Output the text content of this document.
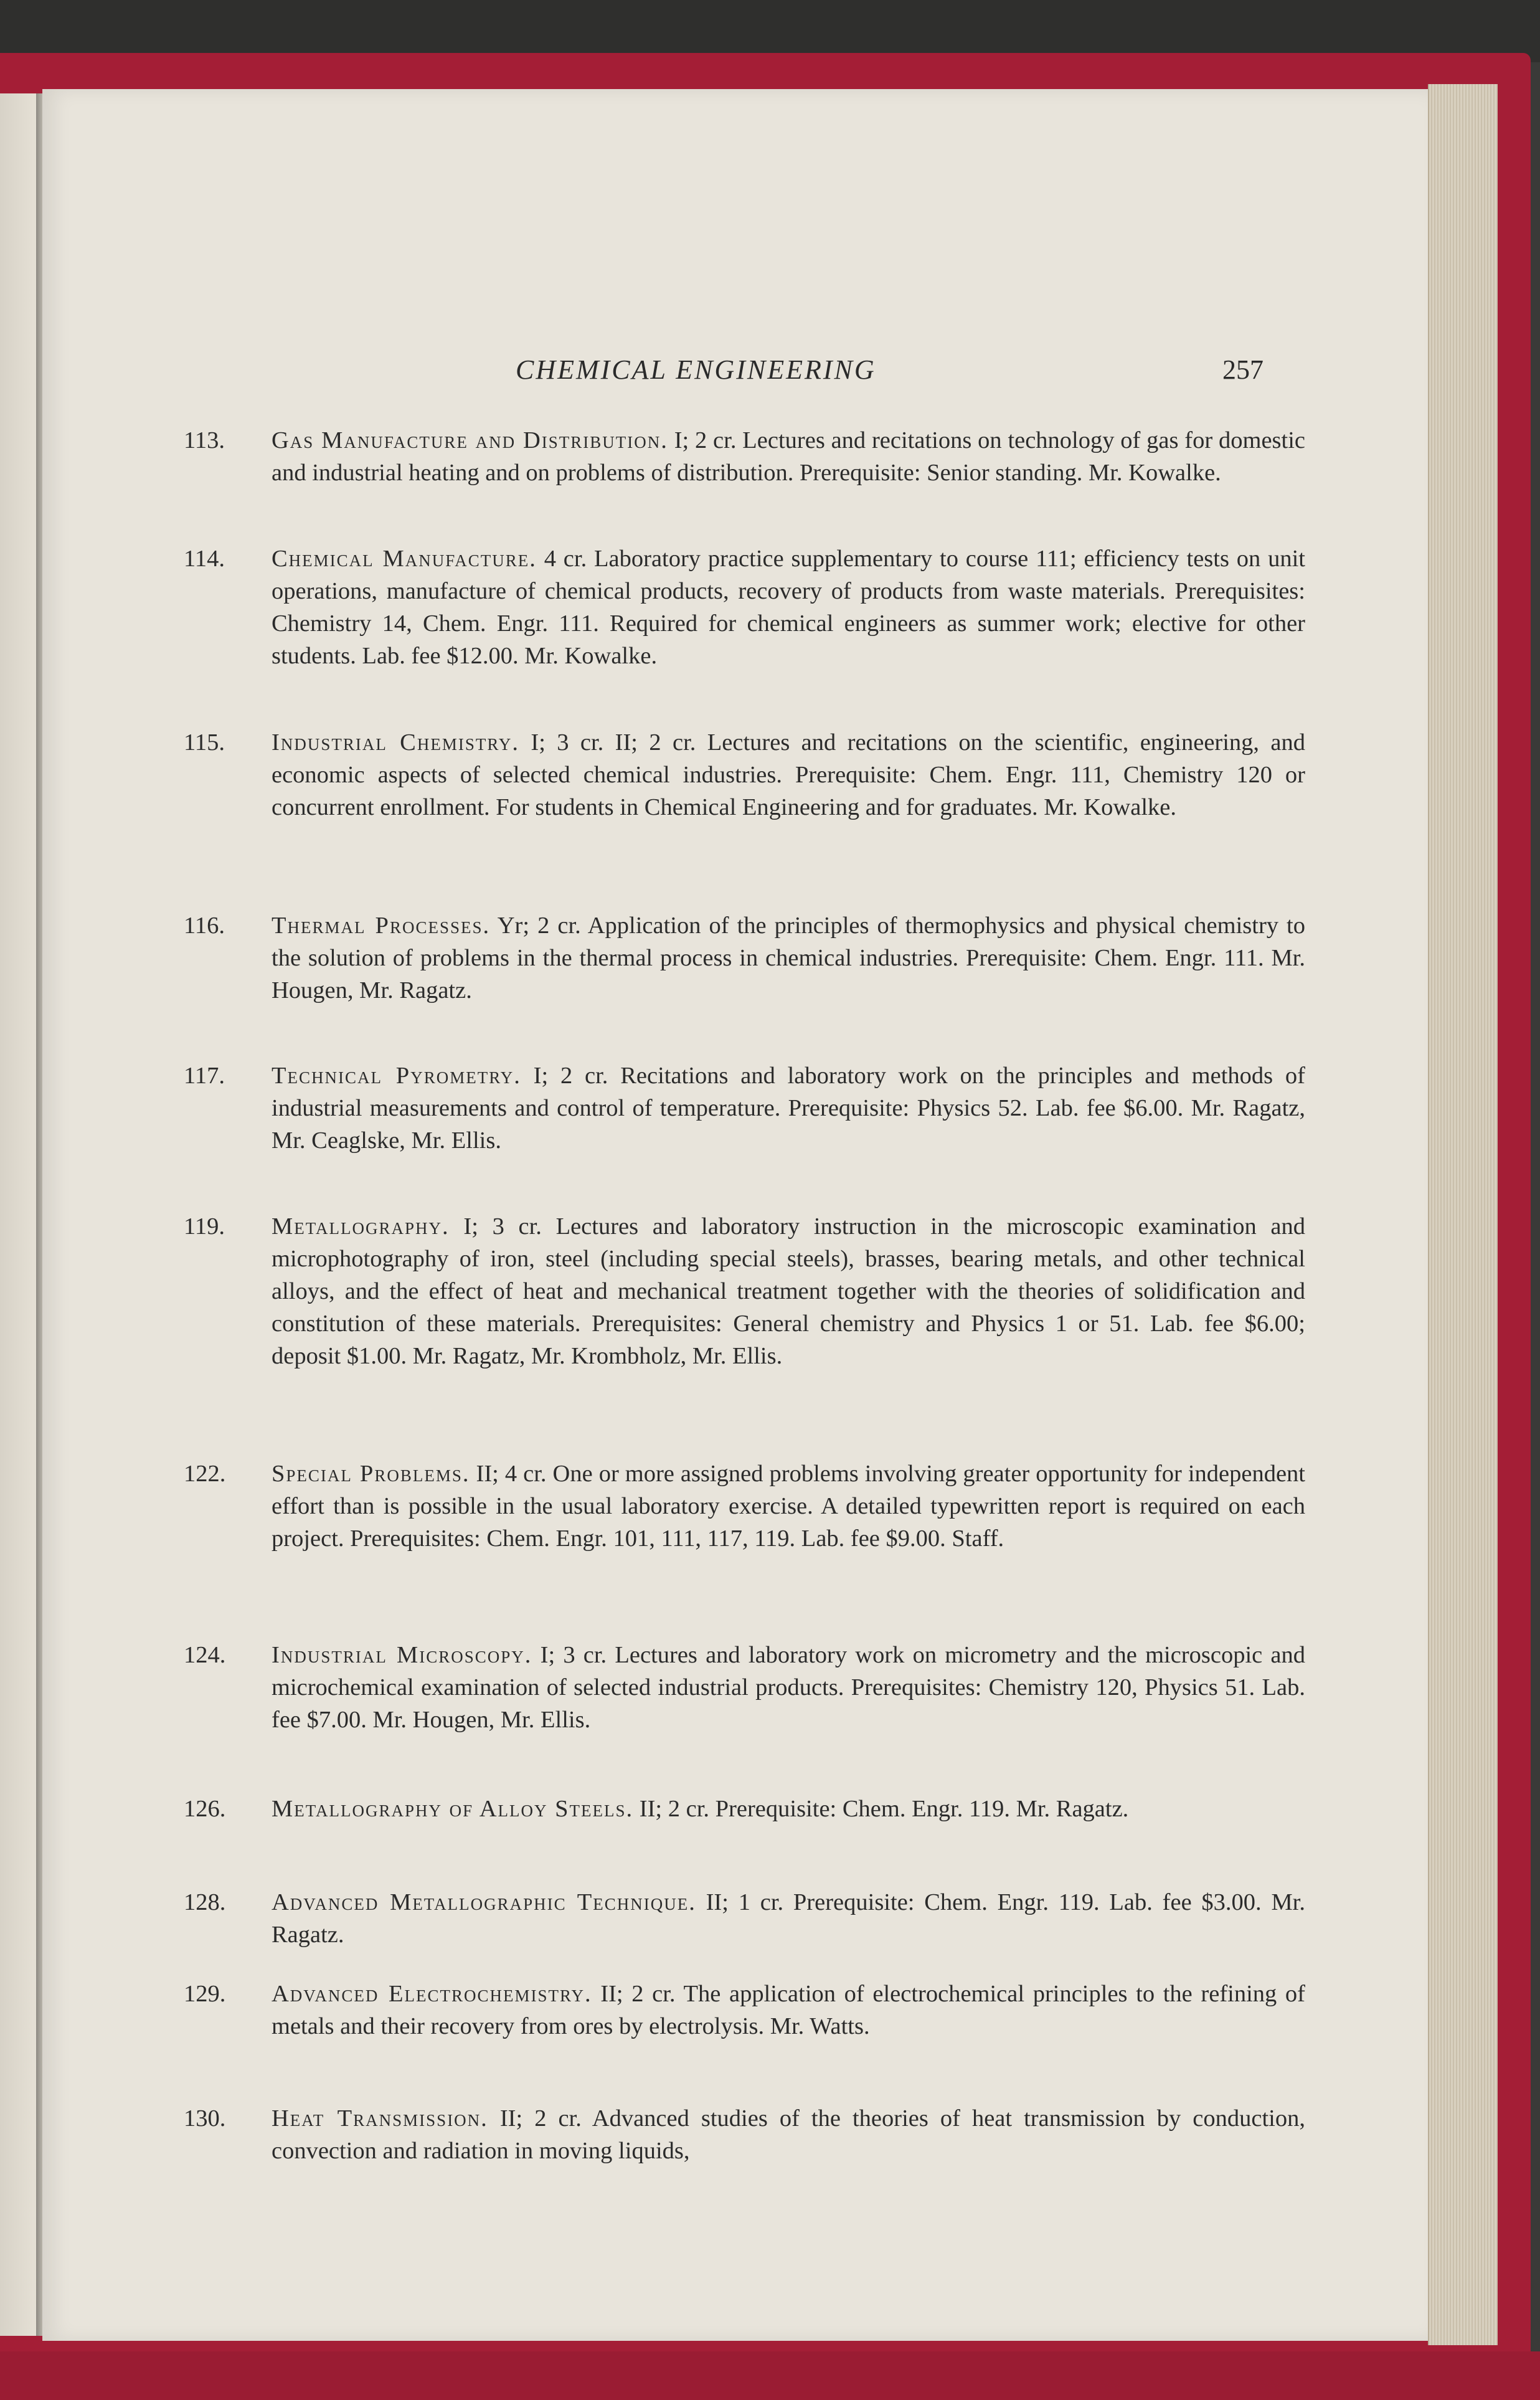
CHEMICAL ENGINEERING	257
113.	Gas Manufacture and Distribution. I; 2 cr. Lectures and recitations on technology of gas for domestic and industrial heating and on problems of distribution. Prerequisite: Senior standing. Mr. Kowalke.
114.	Chemical Manufacture. 4 cr. Laboratory practice supplementary to course 111; efficiency tests on unit operations, manufacture of chemical products, recovery of products from waste materials. Prerequisites: Chemistry 14, Chem. Engr. 111. Required for chemical engineers as summer work; elective for other students. Lab. fee $12.00. Mr. Kowalke.
115.	Industrial Chemistry. I; 3 cr. II; 2 cr. Lectures and recitations on the scientific, engineering, and economic aspects of selected chemical industries. Prerequisite: Chem. Engr. 111, Chemistry 120 or concurrent enrollment. For students in Chemical Engineering and for graduates. Mr. Kowalke.
116.	Thermal Processes. Yr; 2 cr. Application of the principles of thermophysics and physical chemistry to the solution of problems in the thermal process in chemical industries. Prerequisite: Chem. Engr. 111. Mr. Hougen, Mr. Ragatz.
117.	Technical Pyrometry. I; 2 cr. Recitations and laboratory work on the principles and methods of industrial measurements and control of temperature. Prerequisite: Physics 52. Lab. fee $6.00. Mr. Ragatz, Mr. Ceaglske, Mr. Ellis.
119.	Metallography. I; 3 cr. Lectures and laboratory instruction in the microscopic examination and microphotography of iron, steel (including special steels), brasses, bearing metals, and other technical alloys, and the effect of heat and mechanical treatment together with the theories of solidification and constitution of these materials. Prerequisites: General chemistry and Physics 1 or 51. Lab. fee $6.00; deposit $1.00. Mr. Ragatz, Mr. Krombholz, Mr. Ellis.
122.	Special Problems. II; 4 cr. One or more assigned problems involving greater opportunity for independent effort than is possible in the usual laboratory exercise. A detailed typewritten report is required on each project. Prerequisites: Chem. Engr. 101, 111, 117, 119. Lab. fee $9.00. Staff.
124.	Industrial Microscopy. I; 3 cr. Lectures and laboratory work on micrometry and the microscopic and microchemical examination of selected industrial products. Prerequisites: Chemistry 120, Physics 51. Lab. fee $7.00. Mr. Hougen, Mr. Ellis.
126.	Metallography of Alloy Steels. II; 2 cr. Prerequisite: Chem. Engr. 119. Mr. Ragatz.
128.	Advanced Metallographic Technique. II; 1 cr. Prerequisite: Chem. Engr. 119. Lab. fee $3.00. Mr. Ragatz.
129.	Advanced Electrochemistry. II; 2 cr. The application of electrochemical principles to the refining of metals and their recovery from ores by electrolysis. Mr. Watts.
130.	Heat Transmission. II; 2 cr. Advanced studies of the theories of heat transmission by conduction, convection and radiation in moving liquids,
